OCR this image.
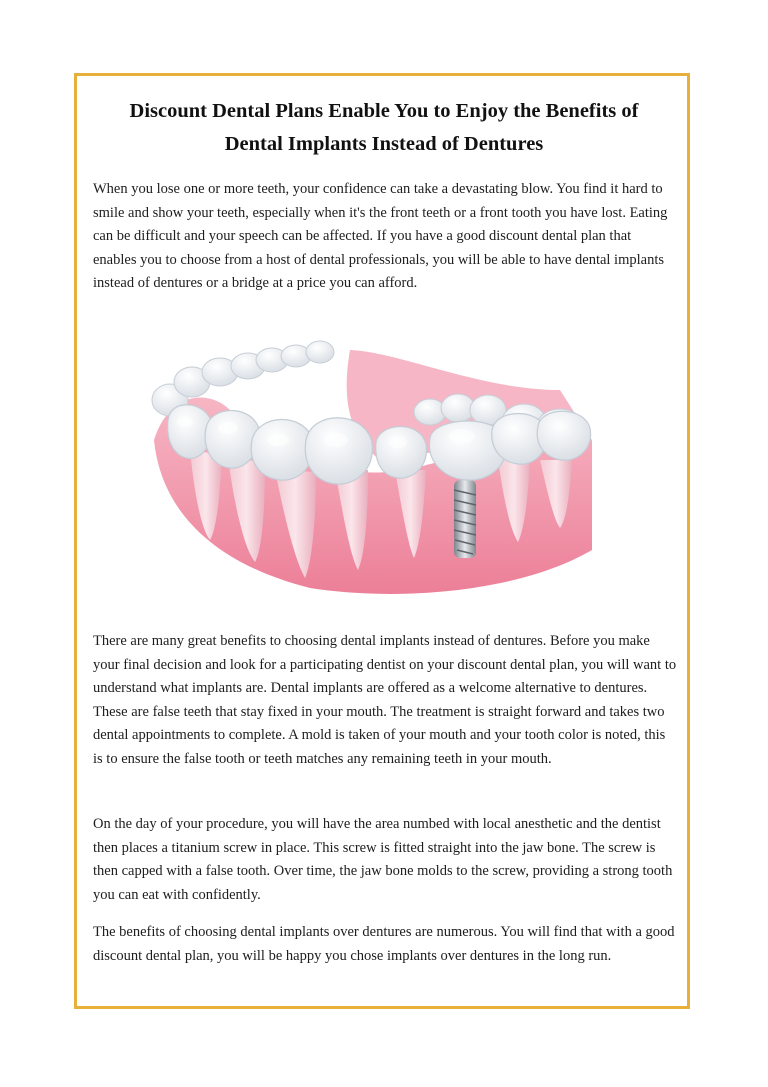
Discount Dental Plans Enable You to Enjoy the Benefits of
Dental Implants Instead of Dentures

When you lose one or more teeth, your confidence can take a devastating blow. You find it hard to smile and show your teeth, especially when it's the front teeth or a front tooth you have lost. Eating can be difficult and your speech can be affected. If you have a good discount dental plan that enables you to choose from a host of dental professionals, you will be able to have dental implants instead of dentures or a bridge at a price you can afford.

There are many great benefits to choosing dental implants instead of dentures. Before you make your final decision and look for a participating dentist on your discount dental plan, you will want to understand what implants are. Dental implants are offered as a welcome alternative to dentures. These are false teeth that stay fixed in your mouth. The treatment is straight forward and takes two dental appointments to complete. A mold is taken of your mouth and your tooth color is noted, this is to ensure the false tooth or teeth matches any remaining teeth in your mouth.

On the day of your procedure, you will have the area numbed with local anesthetic and the dentist then places a titanium screw in place. This screw is fitted straight into the jaw bone. The screw is then capped with a false tooth. Over time, the jaw bone molds to the screw, providing a strong tooth you can eat with confidently.

The benefits of choosing dental implants over dentures are numerous. You will find that with a good discount dental plan, you will be happy you chose implants over dentures in the long run.
